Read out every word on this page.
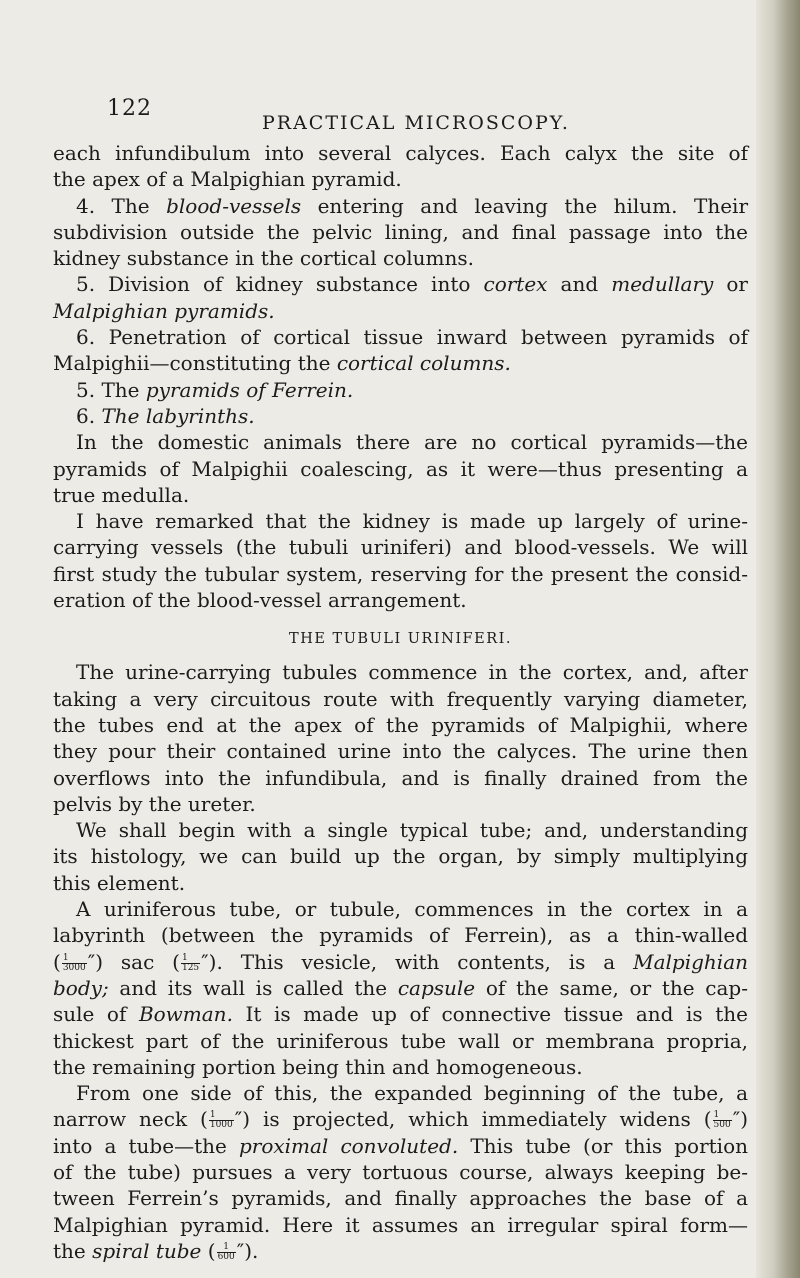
122
PRACTICAL MICROSCOPY.
each infundibulum into several calyces. Each calyx the site of
the apex of a Malpighian pyramid.
4. The blood-vessels entering and leaving the hilum. Their
subdivision outside the pelvic lining, and final passage into the
kidney substance in the cortical columns.
5. Division of kidney substance into cortex and medullary or
Malpighian pyramids.
6. Penetration of cortical tissue inward between pyramids of
Malpighii—constituting the cortical columns.
5. The pyramids of Ferrein.
6. The labyrinths.
In the domestic animals there are no cortical pyramids—the
pyramids of Malpighii coalescing, as it were—thus presenting a
true medulla.
I have remarked that the kidney is made up largely of urine-
carrying vessels (the tubuli uriniferi) and blood-vessels. We will
first study the tubular system, reserving for the present the consid-
eration of the blood-vessel arrangement.
THE TUBULI URINIFERI.
The urine-carrying tubules commence in the cortex, and, after
taking a very circuitous route with frequently varying diameter,
the tubes end at the apex of the pyramids of Malpighii, where
they pour their contained urine into the calyces. The urine then
overflows into the infundibula, and is finally drained from the
pelvis by the ureter.
We shall begin with a single typical tube; and, understanding
its histology, we can build up the organ, by simply multiplying
this element.
A uriniferous tube, or tubule, commences in the cortex in a
labyrinth (between the pyramids of Ferrein), as a thin-walled
( $\frac{1}{3000}$ ″) sac ( $\frac{1}{125}$ ″). This vesicle, with contents, is a Malpighian
body; and its wall is called the capsule of the same, or the cap-
sule of Bowman. It is made up of connective tissue and is the
thickest part of the uriniferous tube wall or membrana propria,
the remaining portion being thin and homogeneous.
From one side of this, the expanded beginning of the tube, a
narrow neck ( $\frac{1}{1000}$ ″) is projected, which immediately widens ( $\frac{1}{500}$ ″)
into a tube—the proximal convoluted. This tube (or this portion
of the tube) pursues a very tortuous course, always keeping be-
tween Ferrein’s pyramids, and finally approaches the base of a
Malpighian pyramid. Here it assumes an irregular spiral form—
the spiral tube ( $\frac{1}{600}$ ″).
